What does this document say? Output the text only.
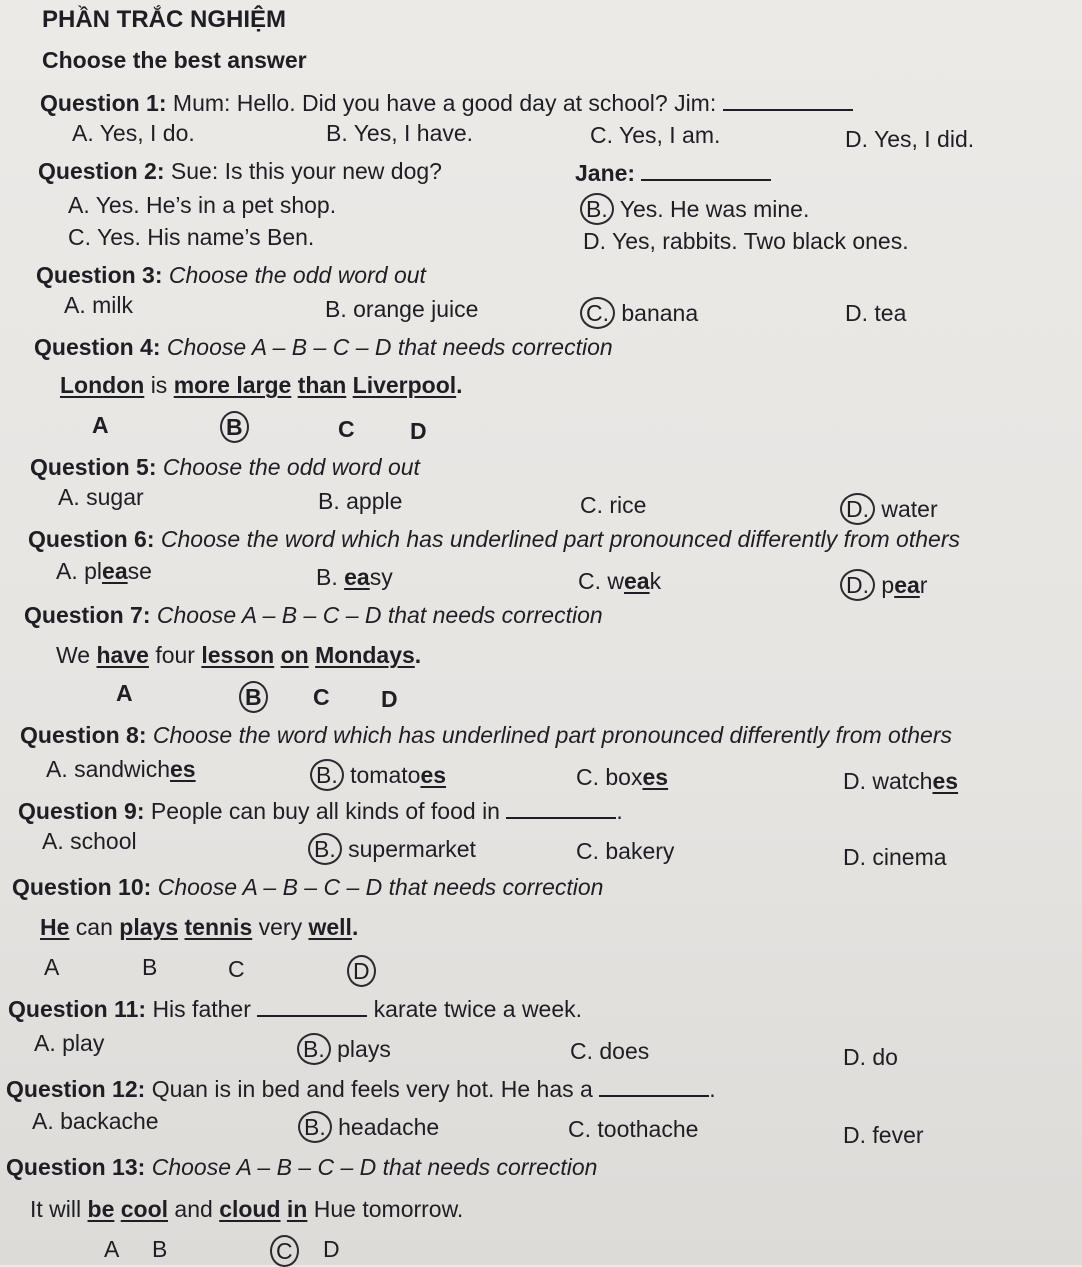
PHẦN TRẮC NGHIỆM
Choose the best answer
Question 1: Mum: Hello. Did you have a good day at school? Jim:
A. Yes, I do.	B. Yes, I have.	C. Yes, I am.	D. Yes, I did.
Question 2: Sue: Is this your new dog?	Jane:
A. Yes. He’s in a pet shop.	B. Yes. He was mine.
C. Yes. His name’s Ben.	D. Yes, rabbits. Two black ones.
Question 3: Choose the odd word out
A. milk	B. orange juice	C. banana	D. tea
Question 4: Choose A – B – C – D that needs correction
London is more large than Liverpool.
A	B	C D
Question 5: Choose the odd word out
A. sugar	B. apple	C. rice	D. water
Question 6: Choose the word which has underlined part pronounced differently from others
A. please	B. easy	C. weak	D. pear
Question 7: Choose A – B – C – D that needs correction
We have four lesson on Mondays.
A	B C D
Question 8: Choose the word which has underlined part pronounced differently from others
A. sandwiches	B. tomatoes	C. boxes	D. watches
Question 9: People can buy all kinds of food in	.
A. school	B. supermarket	C. bakery	D. cinema
Question 10: Choose A – B – C – D that needs correction
He can plays tennis very well.
A	B	C	D
Question 11: His father	karate twice a week.
A. play	B. plays	C. does	D. do
Question 12: Quan is in bed and feels very hot. He has a	.
A. backache	B. headache	C. toothache	D. fever
Question 13: Choose A – B – C – D that needs correction
It will be cool and cloud in Hue tomorrow.
A B	C D
